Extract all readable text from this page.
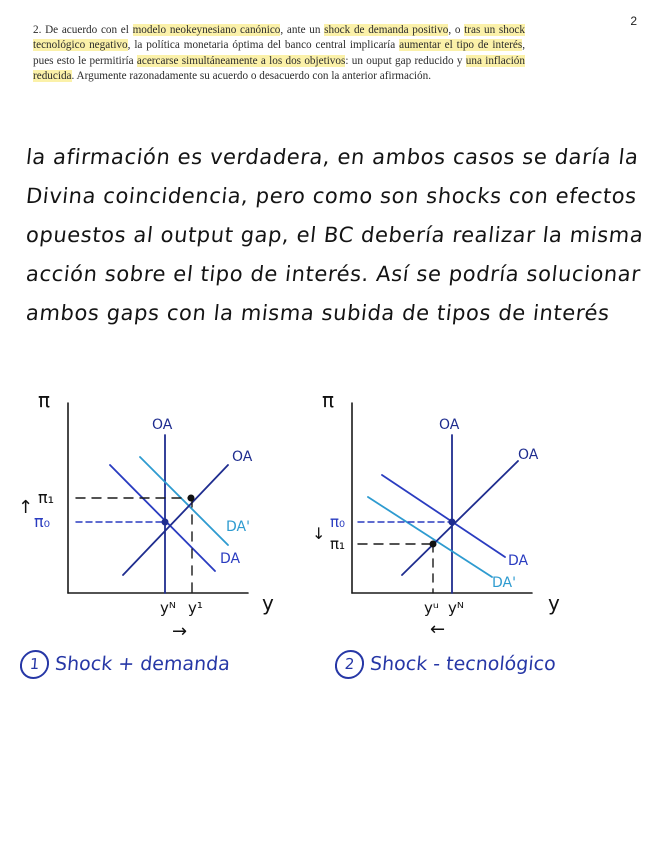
2
2. De acuerdo con el modelo neokeynesiano canónico, ante un shock de demanda positivo, o tras un shock tecnológico negativo, la política monetaria óptima del banco central implicaría aumentar el tipo de interés, pues esto le permitiría acercarse simultáneamente a los dos objetivos: un ouput gap reducido y una inflación reducida. Argumente razonadamente su acuerdo o desacuerdo con la anterior afirmación.
la afirmación es verdadera, en ambos casos se daría la
Divina coincidencia, pero como son shocks con efectos
opuestos al output gap, el BC debería realizar la misma
acción sobre el tipo de interés. Así se podría solucionar
ambos gaps con la misma subida de tipos de interés
π
y
OA
OA
DA'
DA
π₁
π₀
↑
yᴺ y¹
→
π
y
OA
OA
DA
DA'
π₀
π₁
↓
yᵘ yᴺ
←
1 Shock + demanda	2 Shock - tecnológico
